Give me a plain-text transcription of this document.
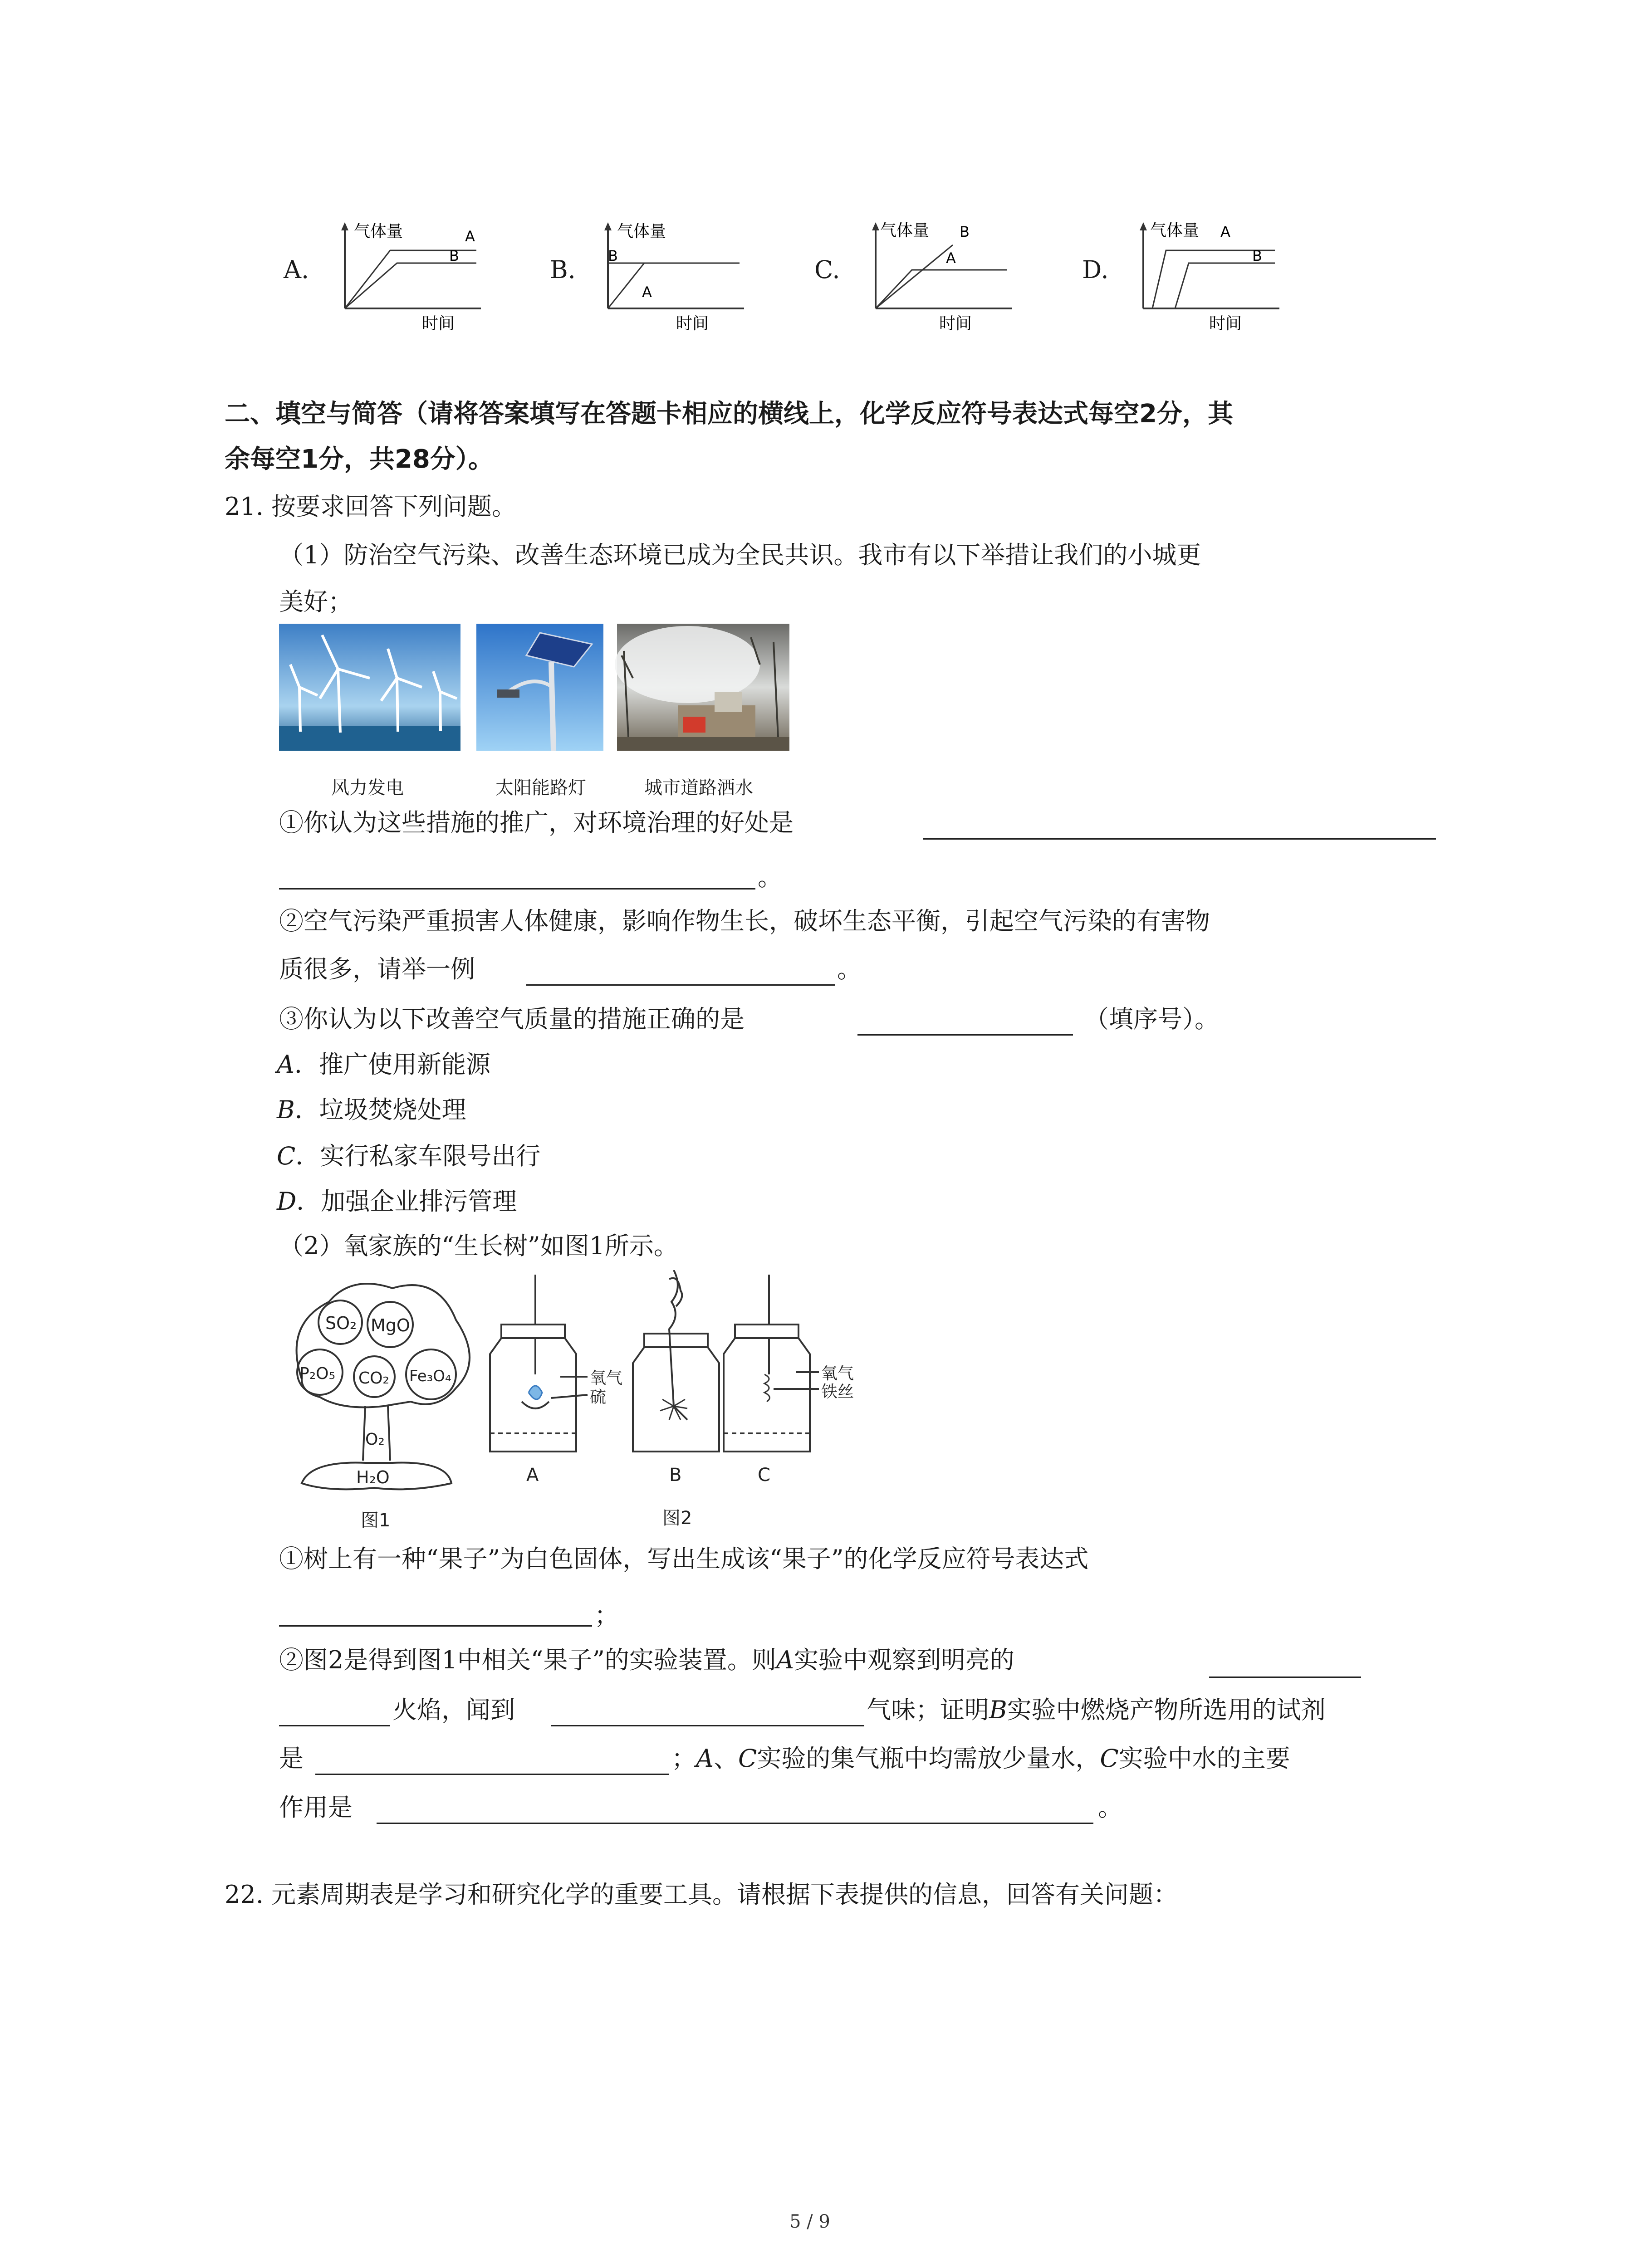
A.	B.	C.	D.
气体量	A
B
时间
气体量
B
A
时间
气体量 B
A
时间
气体量 A
B
时间
二、填空与简答（请将答案填写在答题卡相应的横线上，化学反应符号表达式每空2分，其
余每空1分，共28分）。
21. 按要求回答下列问题。
（1）防治空气污染、改善生态环境已成为全民共识。我市有以下举措让我们的小城更
美好；
风力发电	太阳能路灯	城市道路洒水
①你认为这些措施的推广，对环境治理的好处是
。
②空气污染严重损害人体健康，影响作物生长，破坏生态平衡，引起空气污染的有害物
质很多，请举一例	。
③你认为以下改善空气质量的措施正确的是	（填序号）。
A．推广使用新能源
B．垃圾焚烧处理
C．实行私家车限号出行
D．加强企业排污管理
（2）氧家族的“生长树”如图1所示。
SO₂ MgO
P₂O₅ CO₂ Fe₃O₄
O₂
H₂O
图1
氧气
硫
A	B
图2
氧气
铁丝
C
①树上有一种“果子”为白色固体，写出生成该“果子”的化学反应符号表达式
；
②图2是得到图1中相关“果子”的实验装置。则A实验中观察到明亮的
火焰，闻到	气味；证明B实验中燃烧产物所选用的试剂
是	；A、C实验的集气瓶中均需放少量水，C实验中水的主要
作用是	。
22. 元素周期表是学习和研究化学的重要工具。请根据下表提供的信息，回答有关问题：
5 / 9
